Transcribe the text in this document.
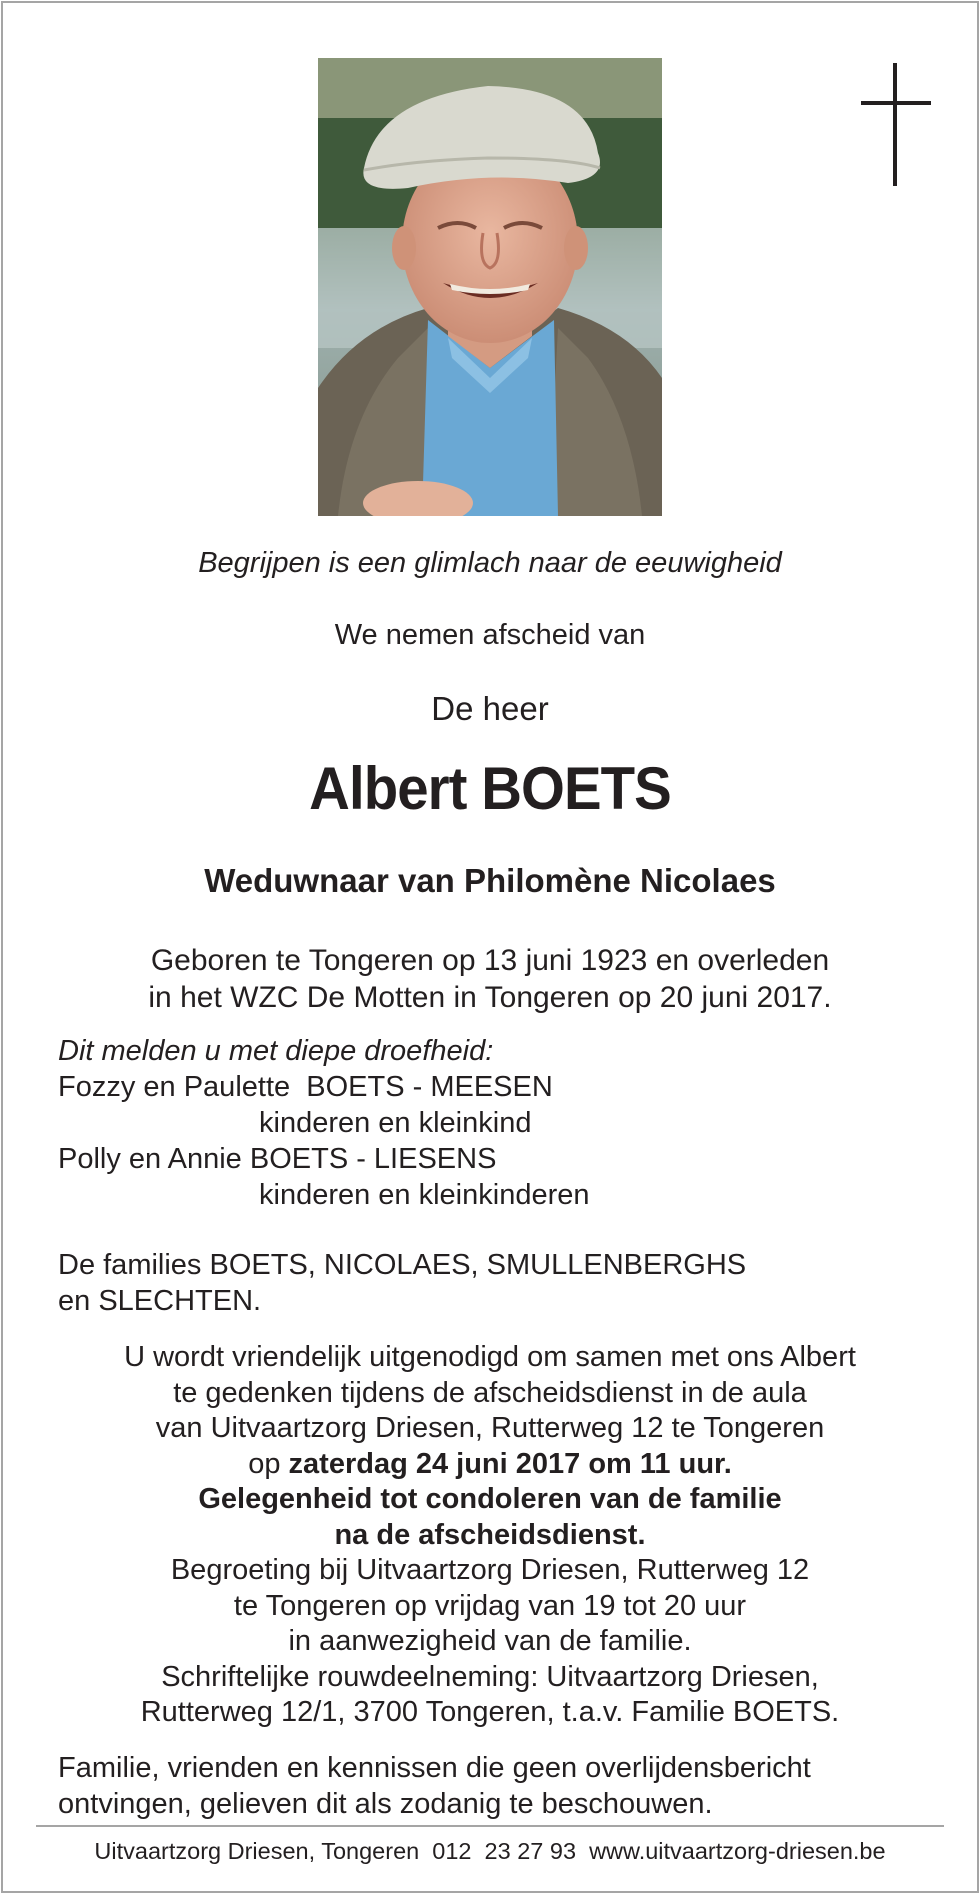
Begrijpen is een glimlach naar de eeuwigheid
We nemen afscheid van
De heer
Albert BOETS
Weduwnaar van Philomène Nicolaes
Geboren te Tongeren op 13 juni 1923 en overleden
in het WZC De Motten in Tongeren op 20 juni 2017.
Dit melden u met diepe droefheid:
Fozzy en Paulette  BOETS - MEESEN
kinderen en kleinkind
Polly en Annie BOETS - LIESENS
kinderen en kleinkinderen
De families BOETS, NICOLAES, SMULLENBERGHS
en SLECHTEN.
U wordt vriendelijk uitgenodigd om samen met ons Albert
te gedenken tijdens de afscheidsdienst in de aula
van Uitvaartzorg Driesen, Rutterweg 12 te Tongeren
op zaterdag 24 juni 2017 om 11 uur.
Gelegenheid tot condoleren van de familie
na de afscheidsdienst.
Begroeting bij Uitvaartzorg Driesen, Rutterweg 12
te Tongeren op vrijdag van 19 tot 20 uur
in aanwezigheid van de familie.
Schriftelijke rouwdeelneming: Uitvaartzorg Driesen,
Rutterweg 12/1, 3700 Tongeren, t.a.v. Familie BOETS.
Familie, vrienden en kennissen die geen overlijdensbericht
ontvingen, gelieven dit als zodanig te beschouwen.
Uitvaartzorg Driesen, Tongeren  012  23 27 93  www.uitvaartzorg-driesen.be
